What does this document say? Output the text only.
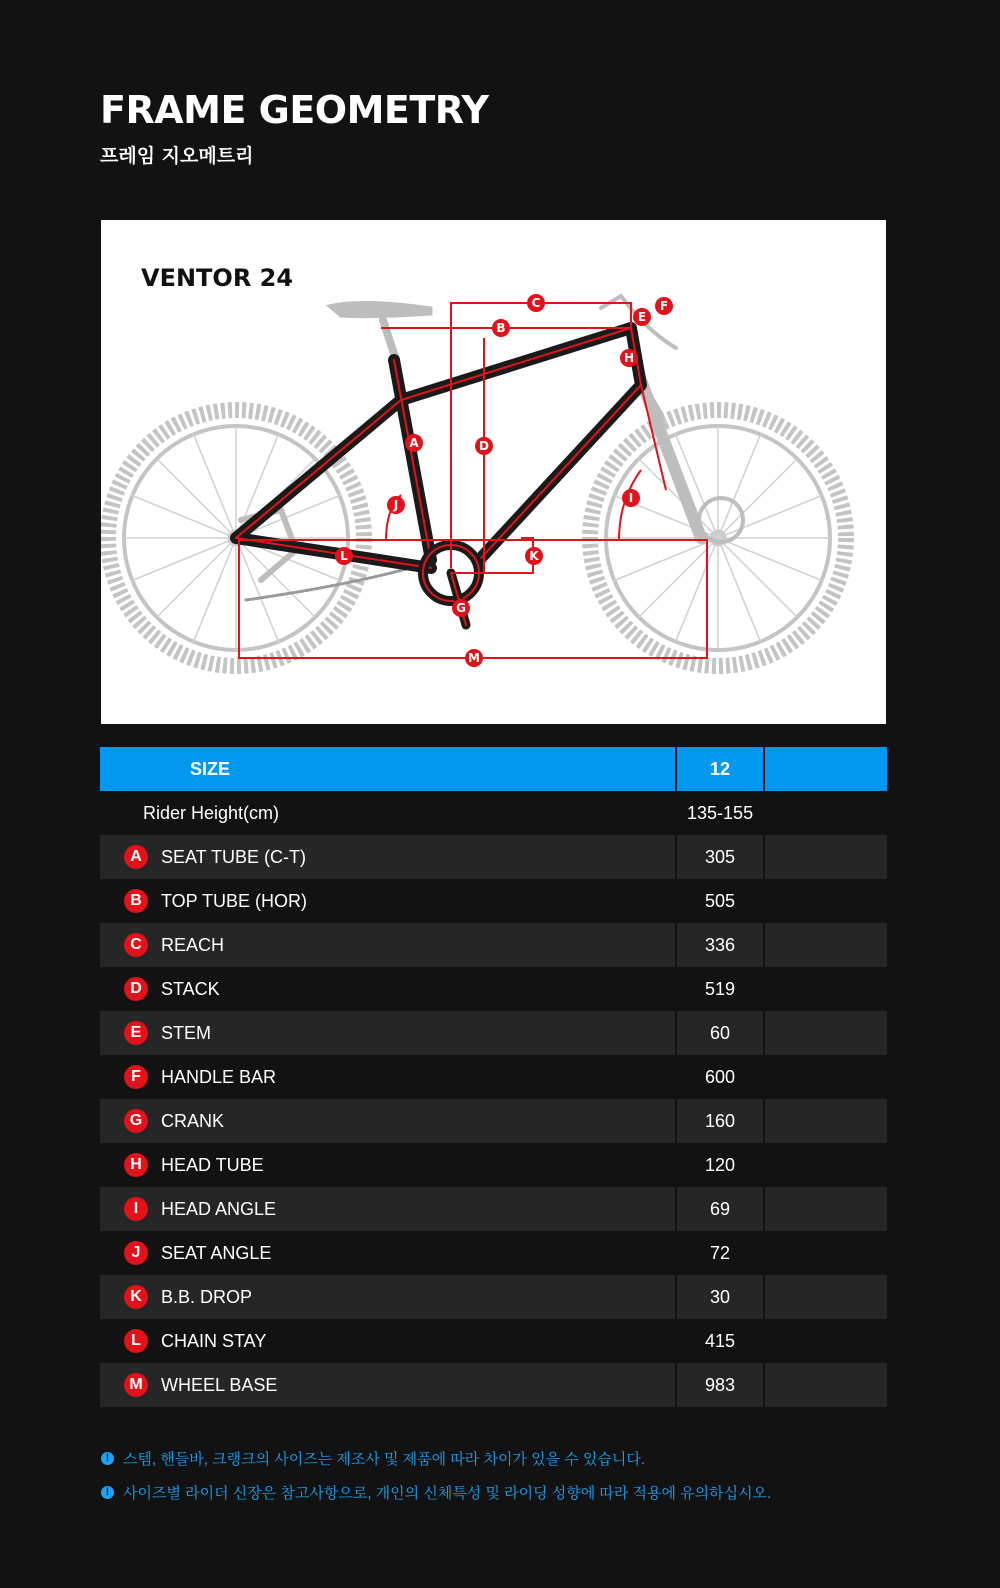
FRAME GEOMETRY
프레임 지오메트리
VENTOR 24
A
B
C
D
E
F
G
H
I
J
K
L
M
SIZE	12	
Rider Height(cm)	135-155	

A SEAT TUBE (C-T)	305	

B TOP TUBE (HOR)	505	

C REACH	336	

D STACK	519	

E STEM	60	

F HANDLE BAR	600	

G CRANK	160	

H HEAD TUBE	120	

I HEAD ANGLE	69	

J SEAT ANGLE	72	

K B.B. DROP	30	

L CHAIN STAY	415	

M WHEEL BASE	983	
! 스템, 핸들바, 크랭크의 사이즈는 제조사 및 제품에 따라 차이가 있을 수 있습니다.
! 사이즈별 라이더 신장은 참고사항으로, 개인의 신체특성 및 라이딩 성향에 따라 적용에 유의하십시오.
